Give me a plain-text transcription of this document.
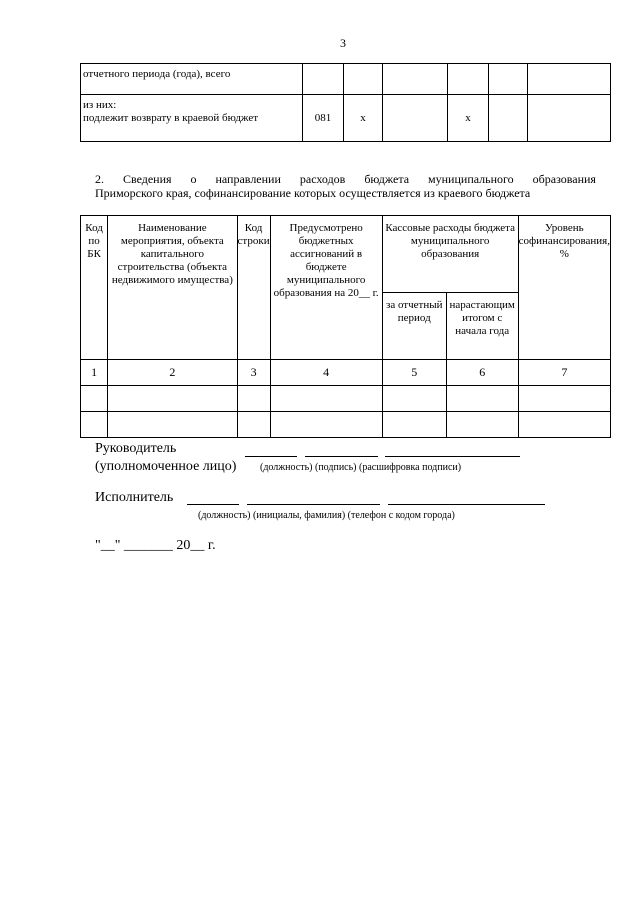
3
отчетного периода (года), всего						

из них:
подлежит возврату в краевой бюджет	081	x		x		
2. Сведения о направлении расходов бюджета муниципального образования
Приморского края, софинансирование которых осуществляется из краевого бюджета
Код по БК	Наименование мероприятия, объекта капитального строительства (объекта недвижимого имущества)	Код строки	Предусмотрено бюджетных ассигнований в бюджете муниципального образования на 20__ г.	Кассовые расходы бюджета муниципального образования		Уровень софинансирования, %
				за отчетный период	нарастающим итогом с начала года	
1	2	3	4	5	6	7

Руководитель
(уполномоченное лицо) (должность) (подпись) (расшифровка подписи)
Исполнитель
(должность) (инициалы, фамилия) (телефон с кодом города)
"__" _______ 20__ г.
